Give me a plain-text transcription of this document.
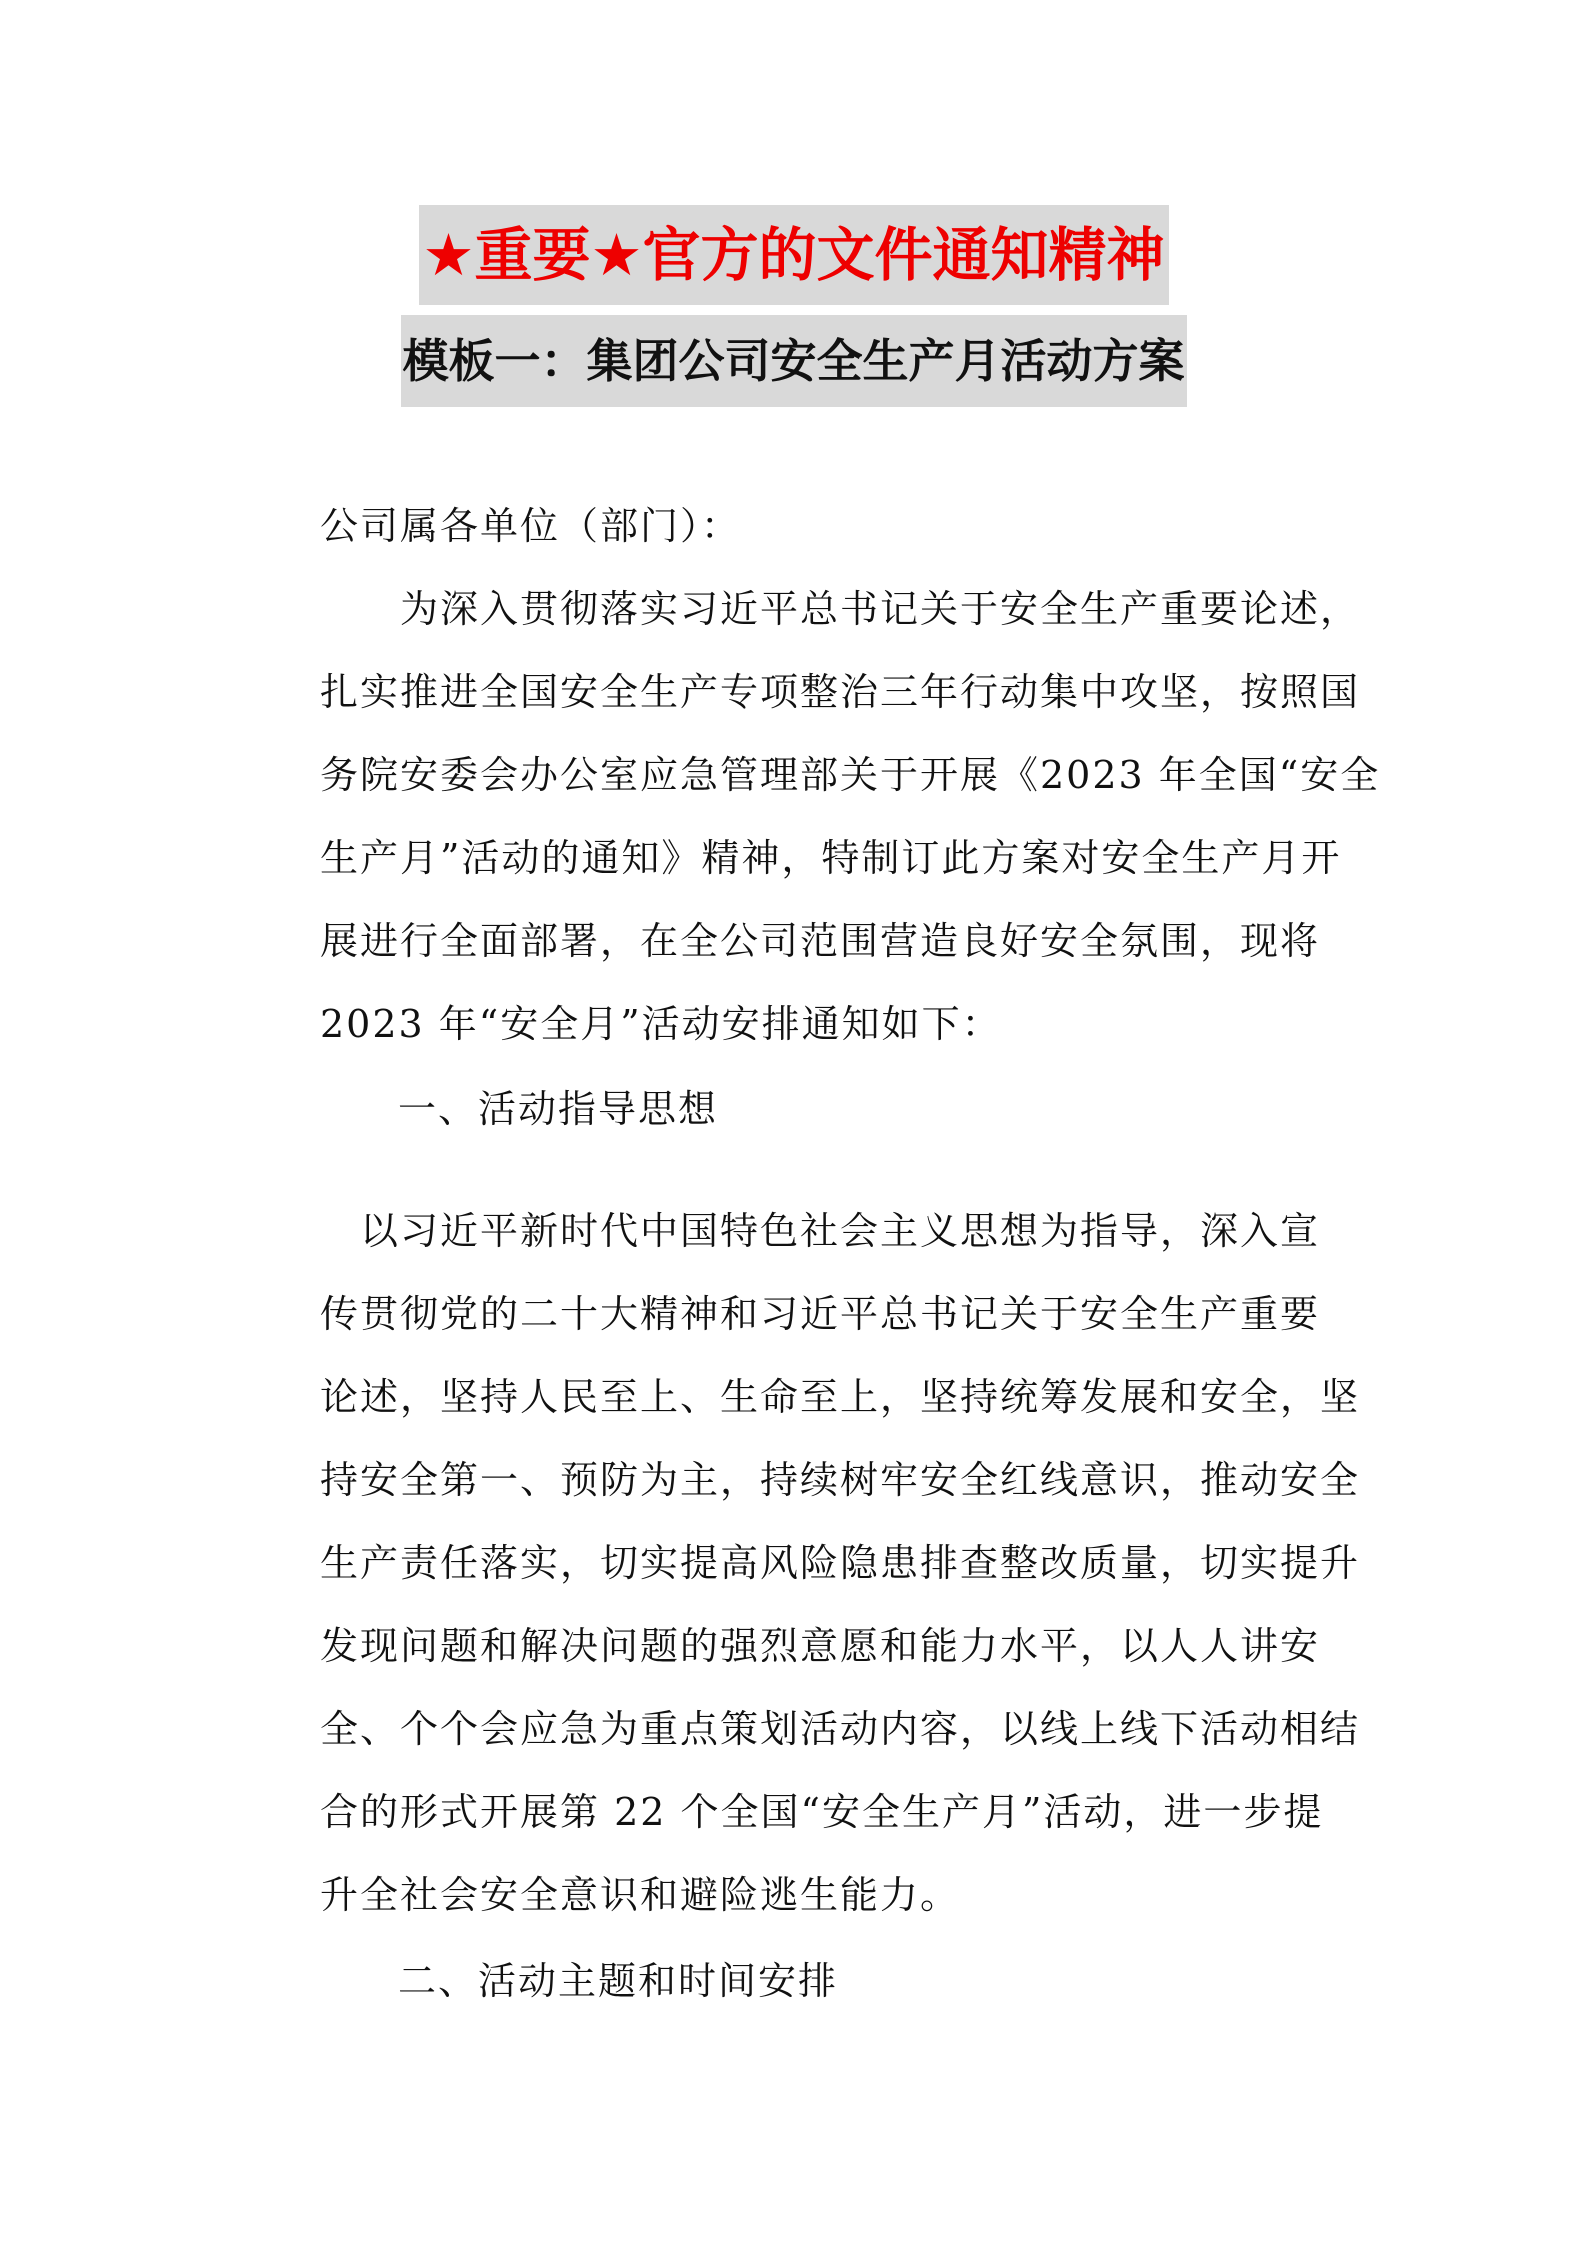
★重要★官方的文件通知精神
模板一：集团公司安全生产月活动方案
公司属各单位（部门）：
　　为深入贯彻落实习近平总书记关于安全生产重要论述，
扎实推进全国安全生产专项整治三年行动集中攻坚，按照国
务院安委会办公室应急管理部关于开展《2023 年全国“安全
生产月”活动的通知》精神，特制订此方案对安全生产月开
展进行全面部署，在全公司范围营造良好安全氛围，现将
2023 年“安全月”活动安排通知如下：
一、活动指导思想
　以习近平新时代中国特色社会主义思想为指导，深入宣
传贯彻党的二十大精神和习近平总书记关于安全生产重要
论述，坚持人民至上、生命至上，坚持统筹发展和安全，坚
持安全第一、预防为主，持续树牢安全红线意识，推动安全
生产责任落实，切实提高风险隐患排查整改质量，切实提升
发现问题和解决问题的强烈意愿和能力水平，以人人讲安
全、个个会应急为重点策划活动内容，以线上线下活动相结
合的形式开展第 22 个全国“安全生产月”活动，进一步提
升全社会安全意识和避险逃生能力。
二、活动主题和时间安排
